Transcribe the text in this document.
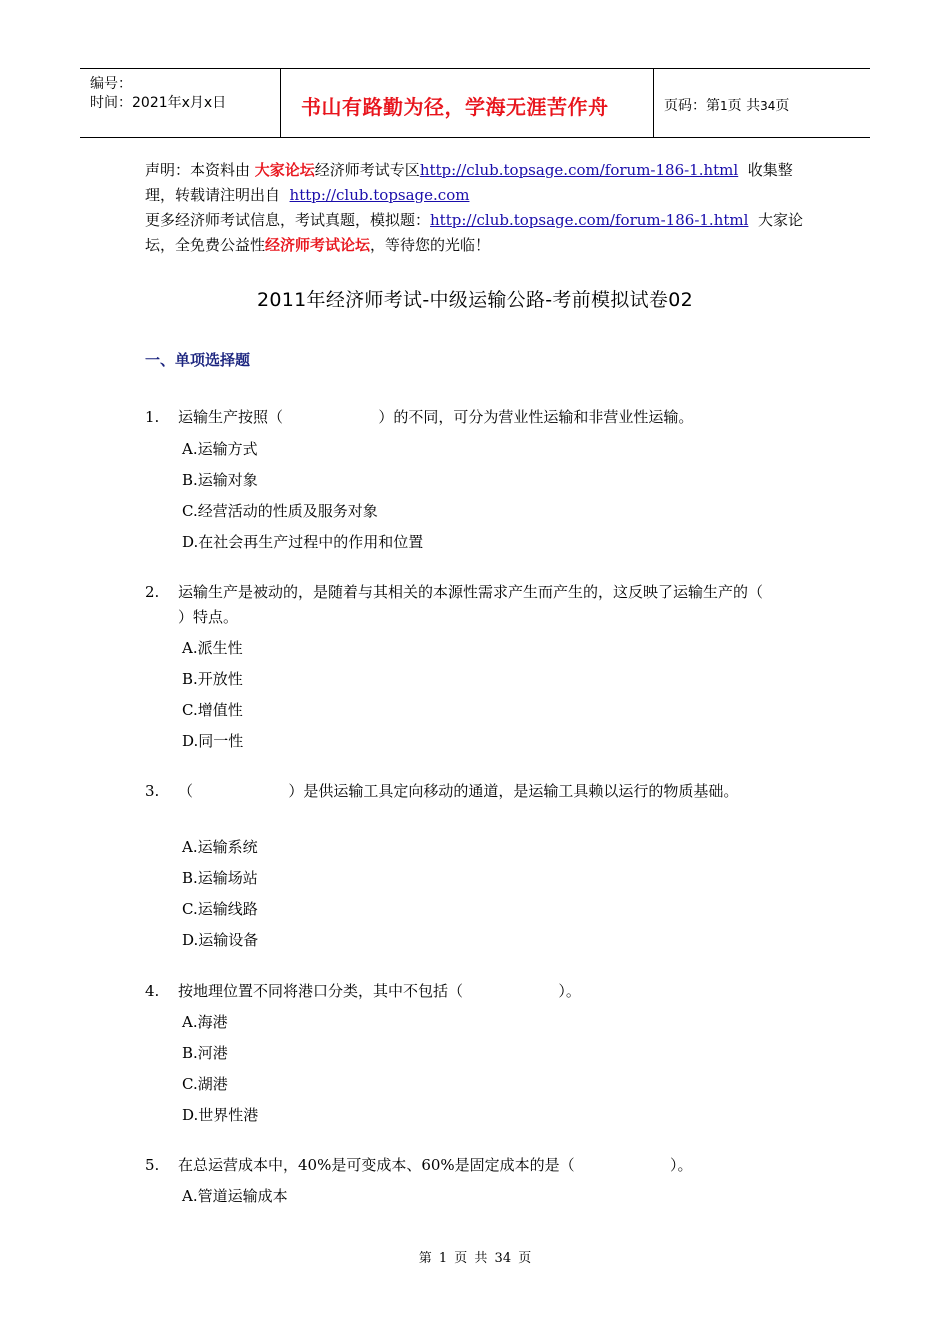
编号：
时间：2021年x月x日	书山有路勤为径，学海无涯苦作舟	页码：第1页 共34页
声明：本资料由 大家论坛经济师考试专区http://club.topsage.com/forum-186-1.html  收集整理，转载请注明出自  http://club.topsage.com
更多经济师考试信息，考试真题，模拟题：http://club.topsage.com/forum-186-1.html  大家论坛，全免费公益性经济师考试论坛，等待您的光临！
2011年经济师考试-中级运输公路-考前模拟试卷02
一、单项选择题
1. 运输生产按照（                    ）的不同，可分为营业性运输和非营业性运输。
A.运输方式
B.运输对象
C.经营活动的性质及服务对象
D.在社会再生产过程中的作用和位置
2. 运输生产是被动的，是随着与其相关的本源性需求产生而产生的，这反映了运输生产的（                    ）特点。
A.派生性
B.开放性
C.增值性
D.同一性
3. （                    ）是供运输工具定向移动的通道，是运输工具赖以运行的物质基础。
A.运输系统
B.运输场站
C.运输线路
D.运输设备
4. 按地理位置不同将港口分类，其中不包括（                    ）。
A.海港
B.河港
C.湖港
D.世界性港
5. 在总运营成本中，40%是可变成本、60%是固定成本的是（                    ）。
A.管道运输成本
第 1 页 共 34 页
